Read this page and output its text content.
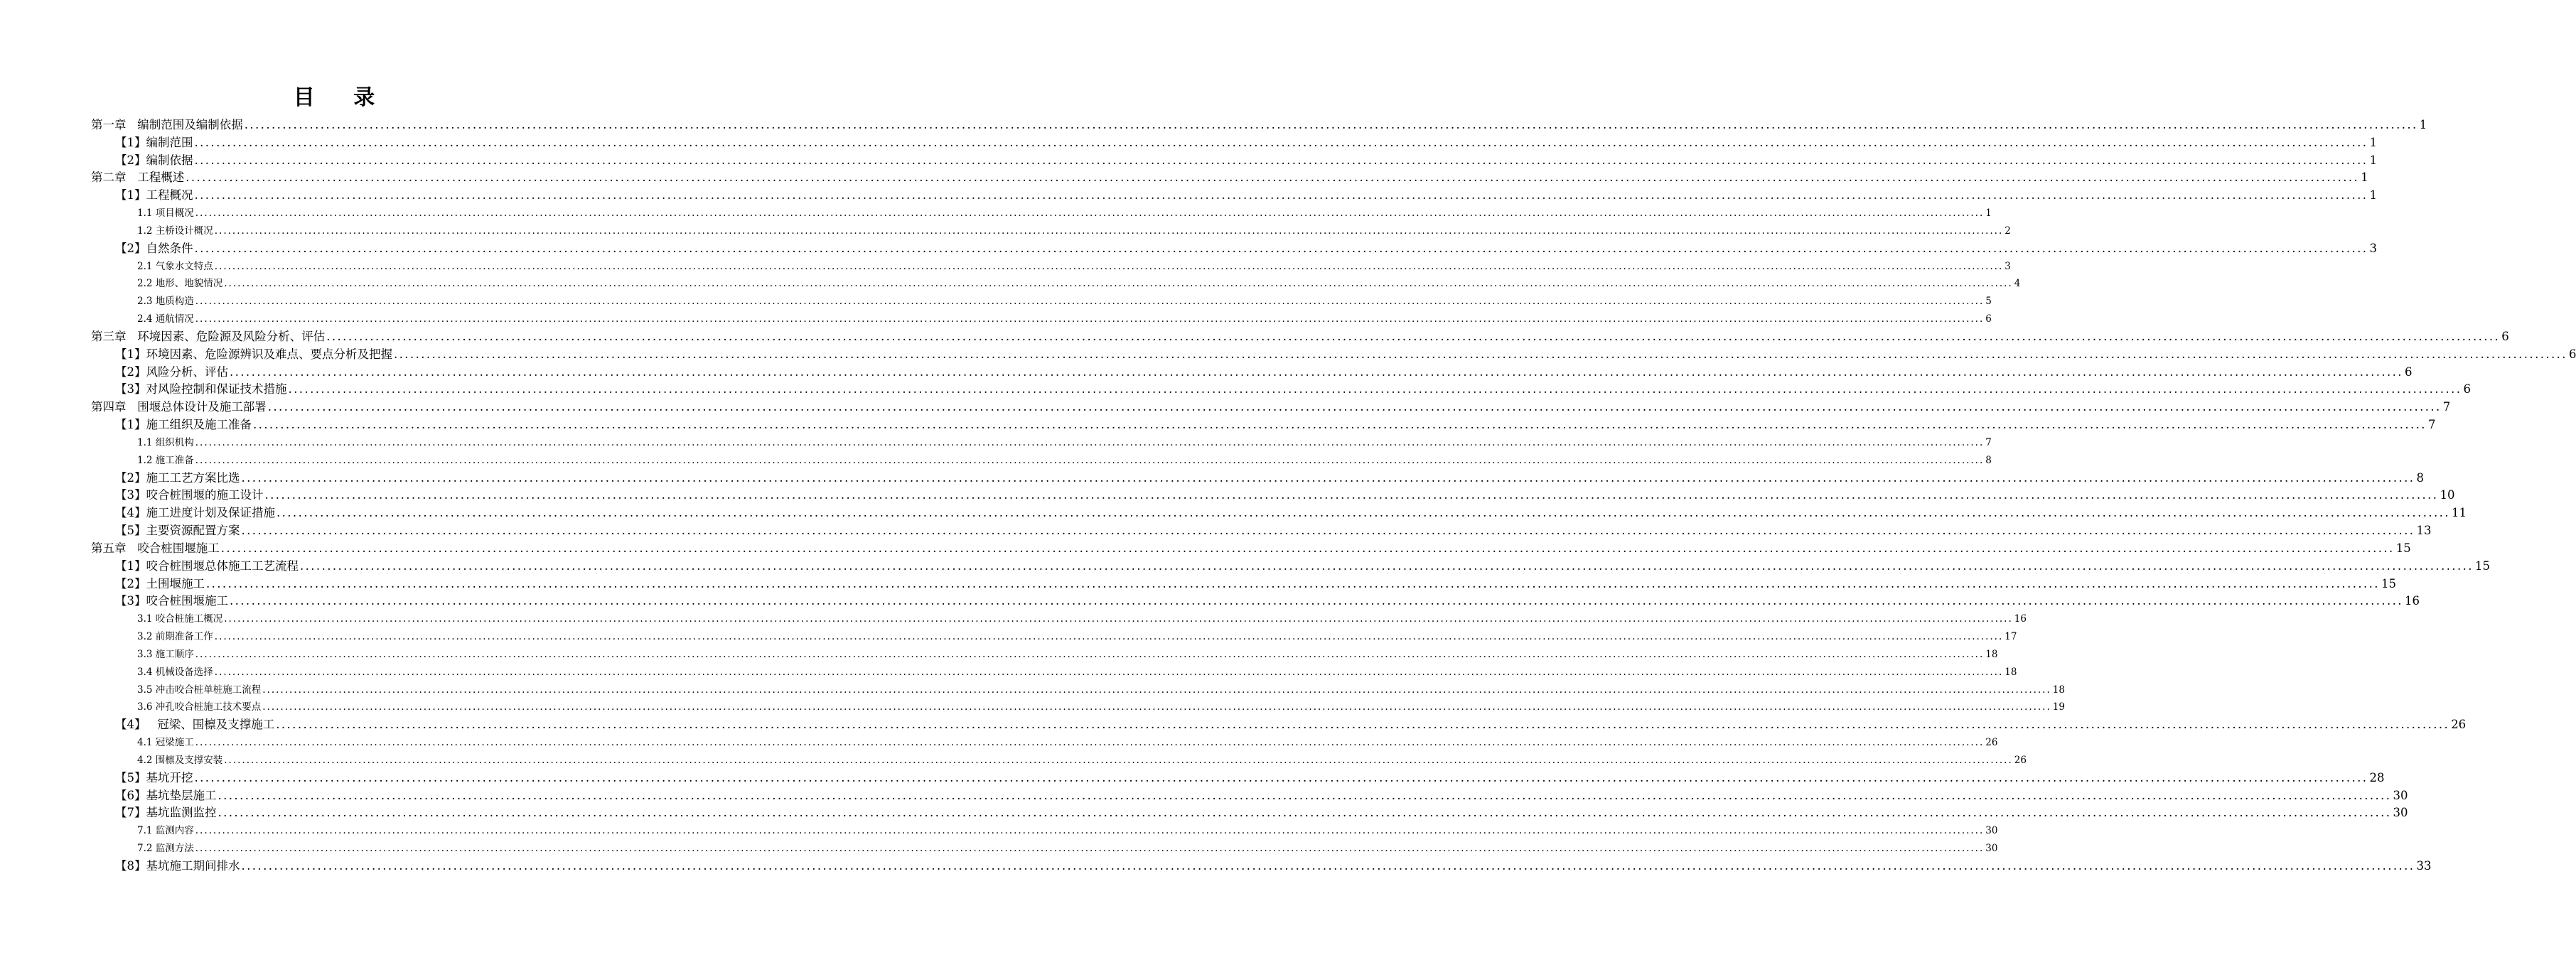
目 录
第一章   编制范围及编制依据 ................................................................................................................................................................................................................................................................................................................................................................................................................ 1
【1】编制范围 ................................................................................................................................................................................................................................................................................................................................................................................................................ 1
【2】编制依据 ................................................................................................................................................................................................................................................................................................................................................................................................................ 1
第二章   工程概述 ................................................................................................................................................................................................................................................................................................................................................................................................................ 1
【1】工程概况 ................................................................................................................................................................................................................................................................................................................................................................................................................ 1
1.1 项目概况 ................................................................................................................................................................................................................................................................................................................................................................................................................ 1
1.2 主桥设计概况 ................................................................................................................................................................................................................................................................................................................................................................................................................ 2
【2】自然条件 ................................................................................................................................................................................................................................................................................................................................................................................................................ 3
2.1 气象水文特点 ................................................................................................................................................................................................................................................................................................................................................................................................................ 3
2.2 地形、地貌情况 ................................................................................................................................................................................................................................................................................................................................................................................................................ 4
2.3 地质构造 ................................................................................................................................................................................................................................................................................................................................................................................................................ 5
2.4 通航情况 ................................................................................................................................................................................................................................................................................................................................................................................................................ 6
第三章   环境因素、危险源及风险分析、评估 ................................................................................................................................................................................................................................................................................................................................................................................................................ 6
【1】环境因素、危险源辨识及难点、要点分析及把握 ................................................................................................................................................................................................................................................................................................................................................................................................................ 6
【2】风险分析、评估 ................................................................................................................................................................................................................................................................................................................................................................................................................ 6
【3】对风险控制和保证技术措施 ................................................................................................................................................................................................................................................................................................................................................................................................................ 6
第四章   围堰总体设计及施工部署 ................................................................................................................................................................................................................................................................................................................................................................................................................ 7
【1】施工组织及施工准备 ................................................................................................................................................................................................................................................................................................................................................................................................................ 7
1.1 组织机构 ................................................................................................................................................................................................................................................................................................................................................................................................................ 7
1.2 施工准备 ................................................................................................................................................................................................................................................................................................................................................................................................................ 8
【2】施工工艺方案比选 ................................................................................................................................................................................................................................................................................................................................................................................................................ 8
【3】咬合桩围堰的施工设计 ................................................................................................................................................................................................................................................................................................................................................................................................................ 10
【4】施工进度计划及保证措施 ................................................................................................................................................................................................................................................................................................................................................................................................................ 11
【5】主要资源配置方案 ................................................................................................................................................................................................................................................................................................................................................................................................................ 13
第五章   咬合桩围堰施工 ................................................................................................................................................................................................................................................................................................................................................................................................................ 15
【1】咬合桩围堰总体施工工艺流程 ................................................................................................................................................................................................................................................................................................................................................................................................................ 15
【2】土围堰施工 ................................................................................................................................................................................................................................................................................................................................................................................................................ 15
【3】咬合桩围堰施工 ................................................................................................................................................................................................................................................................................................................................................................................................................ 16
3.1 咬合桩施工概况 ................................................................................................................................................................................................................................................................................................................................................................................................................ 16
3.2 前期准备工作 ................................................................................................................................................................................................................................................................................................................................................................................................................ 17
3.3 施工顺序 ................................................................................................................................................................................................................................................................................................................................................................................................................ 18
3.4 机械设备选择 ................................................................................................................................................................................................................................................................................................................................................................................................................ 18
3.5 冲击咬合桩单桩施工流程 ................................................................................................................................................................................................................................................................................................................................................................................................................ 18
3.6 冲孔咬合桩施工技术要点 ................................................................................................................................................................................................................................................................................................................................................................................................................ 19
【4】   冠梁、围檩及支撑施工 ................................................................................................................................................................................................................................................................................................................................................................................................................ 26
4.1 冠梁施工 ................................................................................................................................................................................................................................................................................................................................................................................................................ 26
4.2 围檩及支撑安装 ................................................................................................................................................................................................................................................................................................................................................................................................................ 26
【5】基坑开挖 ................................................................................................................................................................................................................................................................................................................................................................................................................ 28
【6】基坑垫层施工 ................................................................................................................................................................................................................................................................................................................................................................................................................ 30
【7】基坑监测监控 ................................................................................................................................................................................................................................................................................................................................................................................................................ 30
7.1 监测内容 ................................................................................................................................................................................................................................................................................................................................................................................................................ 30
7.2 监测方法 ................................................................................................................................................................................................................................................................................................................................................................................................................ 30
【8】基坑施工期间排水 ................................................................................................................................................................................................................................................................................................................................................................................................................ 33
